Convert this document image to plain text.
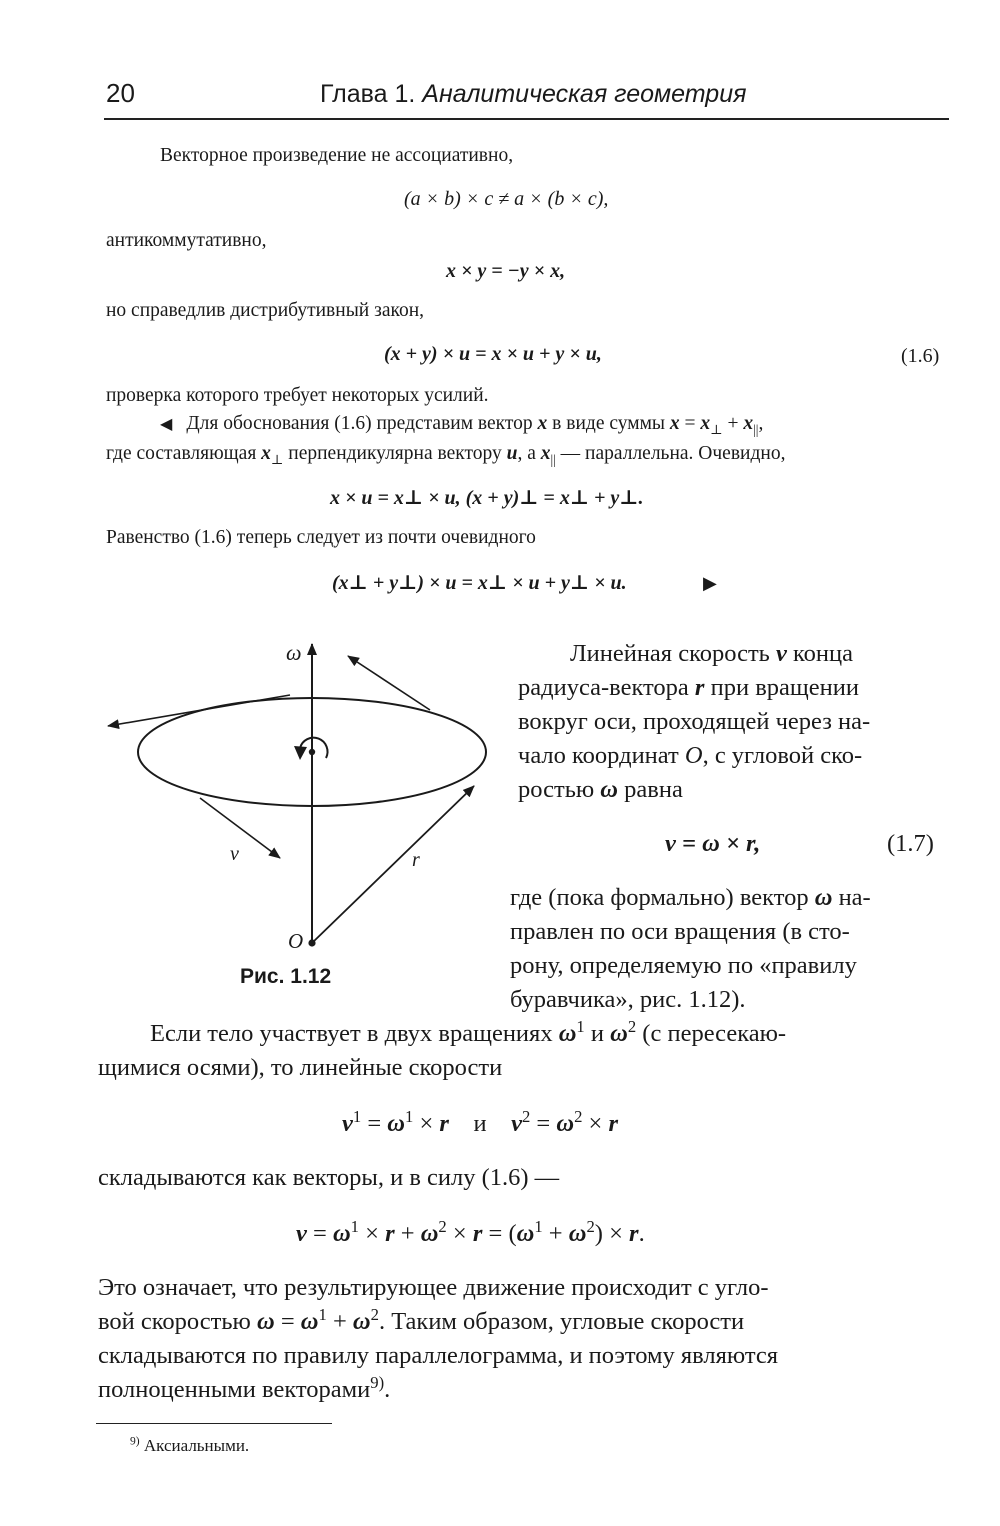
20	Глава 1. Аналитическая геометрия
Векторное произведение не ассоциативно,
(a × b) × c ≠ a × (b × c),
антикоммутативно,
x × y = −y × x,
но справедлив дистрибутивный закон,
(x + y) × u = x × u + y × u,	(1.6)
проверка которого требует некоторых усилий.
◀ Для обоснования (1.6) представим вектор x в виде суммы $x = x_\perp + x_{||}$,
где составляющая $x_\perp$ перпендикулярна вектору u, а $x_{||}$ — параллельна. Очевидно,
x × u = x⊥ × u, (x + y)⊥ = x⊥ + y⊥.
Равенство (1.6) теперь следует из почти очевидного
(x⊥ + y⊥) × u = x⊥ × u + y⊥ × u.	▶
ω
v	r
O
Рис. 1.12
Линейная скорость v конца
радиуса-вектора r при вращении
вокруг оси, проходящей через на-
чало координат O, с угловой ско-
ростью ω равна
v = ω × r,	(1.7)
где (пока формально) вектор ω на-
правлен по оси вращения (в сто-
рону, определяемую по «правилу
буравчика», рис. 1.12).
Если тело участвует в двух вращениях $\omega^1$ и $\omega^2$ (с пересекаю-
щимися осями), то линейные скорости
$v^1 = \omega^1 \times r$ и $v^2 = \omega^2 \times r$
складываются как векторы, и в силу (1.6) —
$v = \omega^1 \times r + \omega^2 \times r = (\omega^1 + \omega^2) \times r$.
Это означает, что результирующее движение происходит с угло-
вой скоростью $\omega = \omega^1 + \omega^2$. Таким образом, угловые скорости
складываются по правилу параллелограмма, и поэтому являются
полноценными векторами$^{9)}$.
$^{9)}$ Аксиальными.
